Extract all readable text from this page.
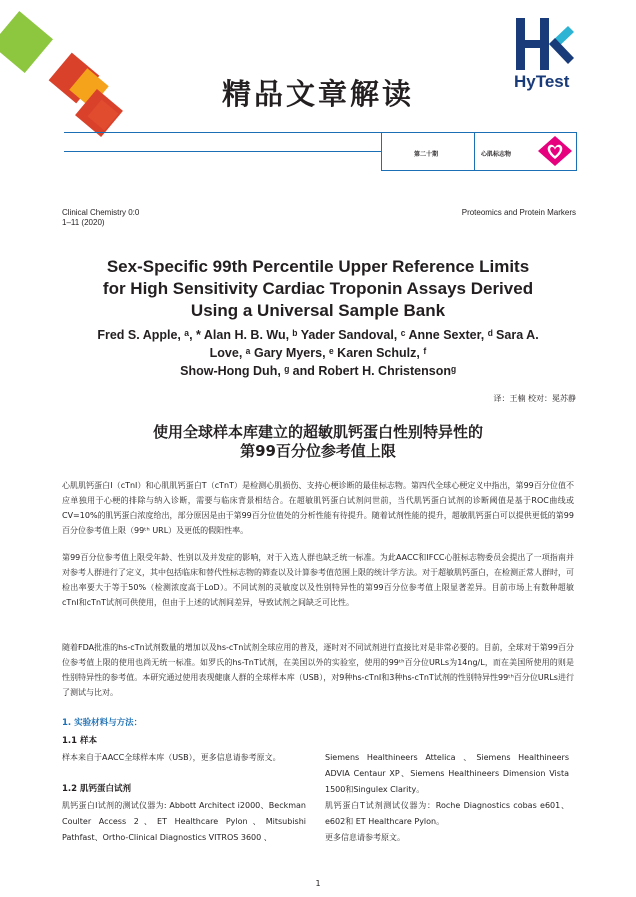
HyTest
精品文章解读
第二十期	心肌标志物
Clinical Chemistry 0:0
1–11 (2020)
Proteomics and Protein Markers
Sex-Specific 99th Percentile Upper Reference Limits
for High Sensitivity Cardiac Troponin Assays Derived
Using a Universal Sample Bank
Fred S. Apple, ᵃ, * Alan H. B. Wu, ᵇ Yader Sandoval, ᶜ Anne Sexter, ᵈ Sara A.
Love, ᵃ Gary Myers, ᵉ Karen Schulz, ᶠ
Show-Hong Duh, ᵍ and Robert H. Christensonᵍ
译：王楠 校对：冕苏静
使用全球样本库建立的超敏肌钙蛋白性别特异性的
第99百分位参考值上限
心肌肌钙蛋白I（cTnI）和心肌肌钙蛋白T（cTnT）是检测心肌损伤、支持心梗诊断的最佳标志物。第四代全球心梗定义中指出，第99百分位值不应单独用于心梗的排除与纳入诊断，需要与临床背景相结合。在超敏肌钙蛋白试剂问世前，当代肌钙蛋白试剂的诊断阈值是基于ROC曲线或CV=10%的肌钙蛋白浓度给出，部分原因是由于第99百分位值处的分析性能有待提升。随着试剂性能的提升，超敏肌钙蛋白可以提供更低的第99百分位参考值上限（99ᵗʰ URL）及更低的假阳性率。
第99百分位参考值上限受年龄、性别以及并发症的影响，对于入选人群也缺乏统一标准。为此AACC和IFCC心脏标志物委员会提出了一项指南并对参考人群进行了定义，其中包括临床和替代性标志物的筛查以及计算参考值范围上限的统计学方法。对于超敏肌钙蛋白，在检测正常人群时，可检出率要大于等于50%（检测浓度高于LoD）。不同试剂的灵敏度以及性别特异性的第99百分位参考值上限显著差异。目前市场上有数种超敏cTnI和cTnT试剂可供使用，但由于上述的试剂间差异，导致试剂之间缺乏可比性。
随着FDA批准的hs-cTn试剂数量的增加以及hs-cTn试剂全球应用的普及，逐时对不同试剂进行直接比对是非常必要的。目前，全球对于第99百分位参考值上限的使用也尚无统一标准。如罗氏的hs-TnT试剂，在美国以外的实验室，使用的99ᵗʰ百分位URLs为14ng/L，而在美国所使用的则是性别特异性的参考值。本研究通过使用表现健康人群的全球样本库（USB），对9种hs-cTnI和3种hs-cTnT试剂的性别特异性99ᵗʰ百分位URLs进行了测试与比对。
1. 实验材料与方法：
1.1 样本
样本来自于AACC全球样本库（USB），更多信息请参考原文。
1.2 肌钙蛋白试剂
肌钙蛋白I试剂的测试仪器为: Abbott Architect i2000、Beckman Coulter Access 2、ET Healthcare Pylon、Mitsubishi Pathfast、Ortho-Clinical Diagnostics VITROS 3600 、
Siemens Healthineers Attelica 、Siemens Healthineers ADVIA Centaur XP、Siemens Healthineers Dimension Vista 1500和Singulex Clarity。
肌钙蛋白T试剂测试仪器为：Roche Diagnostics cobas e601、e602和 ET Healthcare Pylon。
更多信息请参考原文。
1
